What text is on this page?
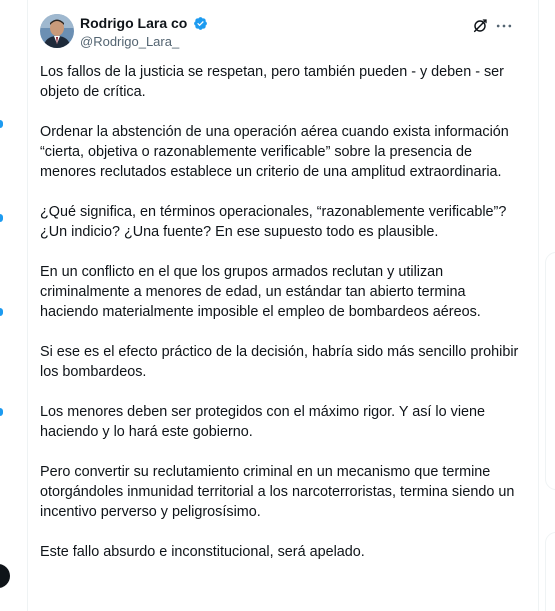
Rodrigo Lara co
@Rodrigo_Lara_

Los fallos de la justicia se respetan, pero también pueden - y deben - ser objeto de crítica.

Ordenar la abstención de una operación aérea cuando exista información “cierta, objetiva o razonablemente verificable” sobre la presencia de menores reclutados establece un criterio de una amplitud extraordinaria.

¿Qué significa, en términos operacionales, “razonablemente verificable”? ¿Un indicio? ¿Una fuente? En ese supuesto todo es plausible.

En un conflicto en el que los grupos armados reclutan y utilizan criminalmente a menores de edad, un estándar tan abierto termina haciendo materialmente imposible el empleo de bombardeos aéreos.

Si ese es el efecto práctico de la decisión, habría sido más sencillo prohibir los bombardeos.

Los menores deben ser protegidos con el máximo rigor. Y así lo viene haciendo y lo hará este gobierno.

Pero convertir su reclutamiento criminal en un mecanismo que termine otorgándoles inmunidad territorial a los narcoterroristas, termina siendo un incentivo perverso y peligrosísimo.

Este fallo absurdo e inconstitucional, será apelado.
